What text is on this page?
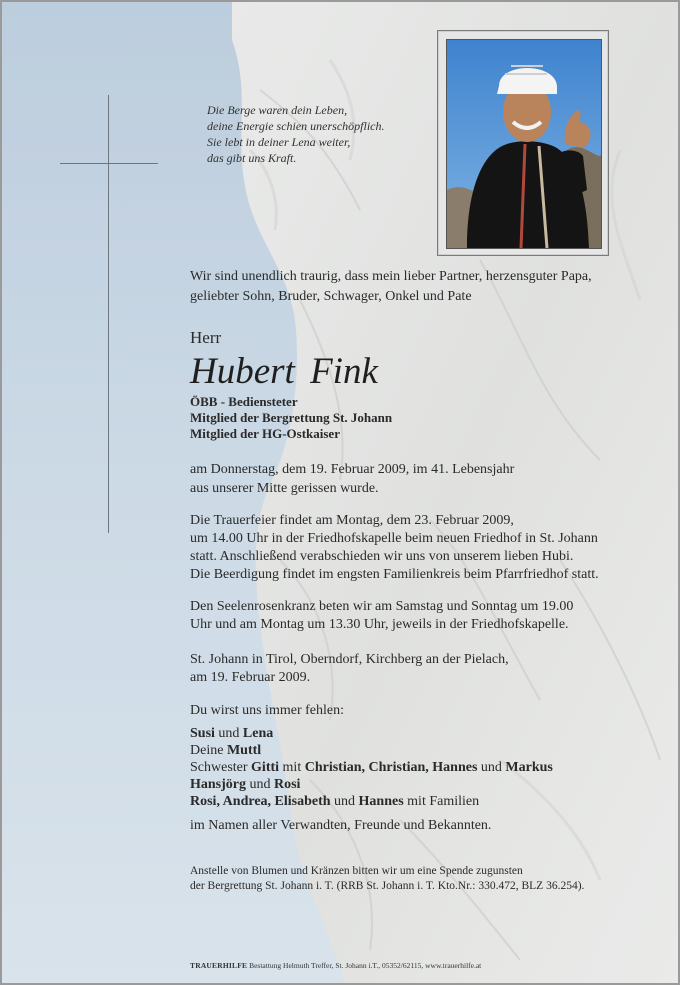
Die Berge waren dein Leben,
deine Energie schien unerschöpflich.
Sie lebt in deiner Lena weiter,
das gibt uns Kraft.
Wir sind unendlich traurig, dass mein lieber Partner, herzensguter Papa,
geliebter Sohn, Bruder, Schwager, Onkel und Pate
Herr
Hubert Fink
ÖBB - Bediensteter
Mitglied der Bergrettung St. Johann
Mitglied der HG-Ostkaiser
am Donnerstag, dem 19. Februar 2009, im 41. Lebensjahr
aus unserer Mitte gerissen wurde.
Die Trauerfeier findet am Montag, dem 23. Februar 2009,
um 14.00 Uhr in der Friedhofskapelle beim neuen Friedhof in St. Johann
statt. Anschließend verabschieden wir uns von unserem lieben Hubi.
Die Beerdigung findet im engsten Familienkreis beim Pfarrfriedhof statt.
Den Seelenrosenkranz beten wir am Samstag und Sonntag um 19.00
Uhr und am Montag um 13.30 Uhr, jeweils in der Friedhofskapelle.
St. Johann in Tirol, Oberndorf, Kirchberg an der Pielach,
am 19. Februar 2009.
Du wirst uns immer fehlen:
Susi und Lena
Deine Muttl
Schwester Gitti mit Christian, Christian, Hannes und Markus
Hansjörg und Rosi
Rosi, Andrea, Elisabeth und Hannes mit Familien
im Namen aller Verwandten, Freunde und Bekannten.
Anstelle von Blumen und Kränzen bitten wir um eine Spende zugunsten
der Bergrettung St. Johann i. T. (RRB St. Johann i. T. Kto.Nr.: 330.472, BLZ 36.254).
TRAUERHILFE Bestattung Helmuth Treffer, St. Johann i.T., 05352/62115, www.trauerhilfe.at
